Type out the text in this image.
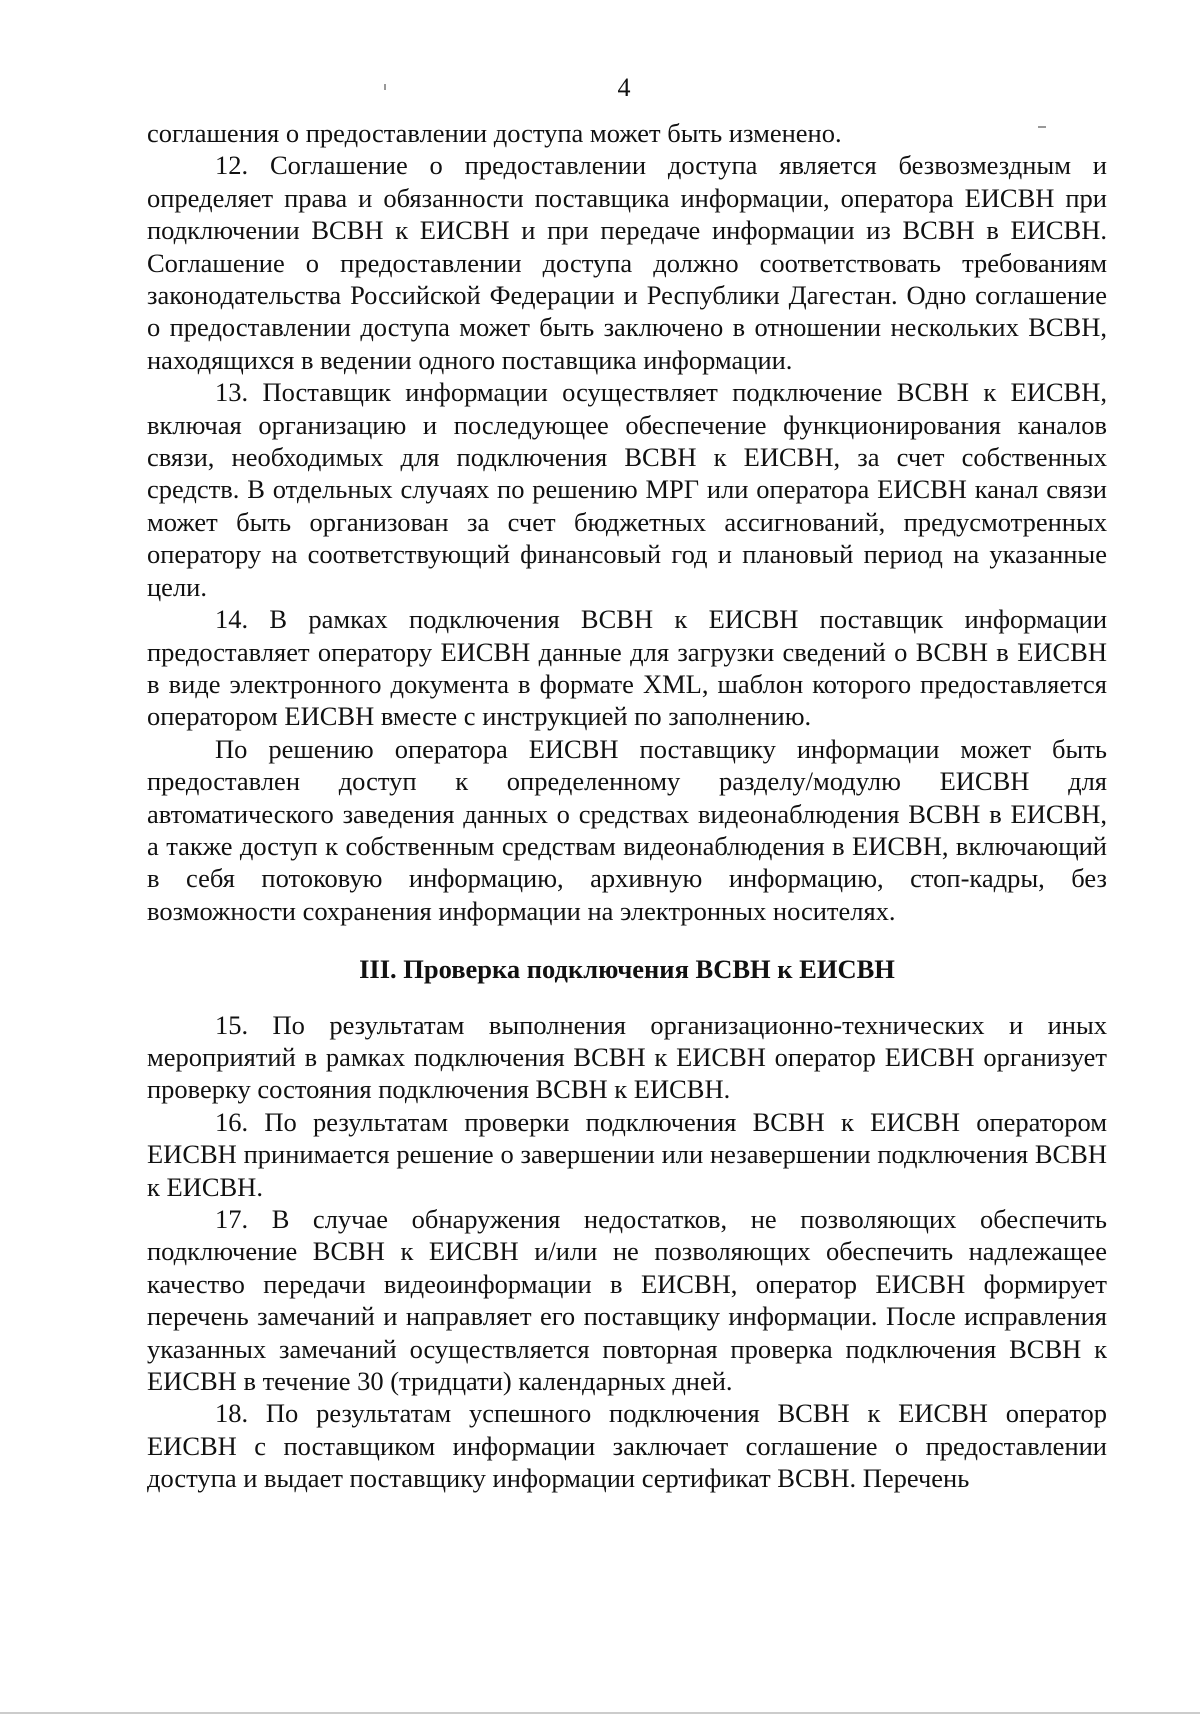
4

соглашения о предоставлении доступа может быть изменено.

12. Соглашение о предоставлении доступа является безвозмездным и определяет права и обязанности поставщика информации, оператора ЕИСВН при подключении ВСВН к ЕИСВН и при передаче информации из ВСВН в ЕИСВН. Соглашение о предоставлении доступа должно соответствовать требованиям законодательства Российской Федерации и Республики Дагестан. Одно соглашение о предоставлении доступа может быть заключено в отношении нескольких ВСВН, находящихся в ведении одного поставщика информации.

13. Поставщик информации осуществляет подключение ВСВН к ЕИСВН, включая организацию и последующее обеспечение функционирования каналов связи, необходимых для подключения ВСВН к ЕИСВН, за счет собственных средств. В отдельных случаях по решению МРГ или оператора ЕИСВН канал связи может быть организован за счет бюджетных ассигнований, предусмотренных оператору на соответствующий финансовый год и плановый период на указанные цели.

14. В рамках подключения ВСВН к ЕИСВН поставщик информации предоставляет оператору ЕИСВН данные для загрузки сведений о ВСВН в ЕИСВН в виде электронного документа в формате XML, шаблон которого предоставляется оператором ЕИСВН вместе с инструкцией по заполнению.

По решению оператора ЕИСВН поставщику информации может быть предоставлен доступ к определенному разделу/модулю ЕИСВН для автоматического заведения данных о средствах видеонаблюдения ВСВН в ЕИСВН, а также доступ к собственным средствам видеонаблюдения в ЕИСВН, включающий в себя потоковую информацию, архивную информацию, стоп-кадры, без возможности сохранения информации на электронных носителях.

III. Проверка подключения ВСВН к ЕИСВН

15. По результатам выполнения организационно-технических и иных мероприятий в рамках подключения ВСВН к ЕИСВН оператор ЕИСВН организует проверку состояния подключения ВСВН к ЕИСВН.

16. По результатам проверки подключения ВСВН к ЕИСВН оператором ЕИСВН принимается решение о завершении или незавершении подключения ВСВН к ЕИСВН.

17. В случае обнаружения недостатков, не позволяющих обеспечить подключение ВСВН к ЕИСВН и/или не позволяющих обеспечить надлежащее качество передачи видеоинформации в ЕИСВН, оператор ЕИСВН формирует перечень замечаний и направляет его поставщику информации. После исправления указанных замечаний осуществляется повторная проверка подключения ВСВН к ЕИСВН в течение 30 (тридцати) календарных дней.

18. По результатам успешного подключения ВСВН к ЕИСВН оператор ЕИСВН с поставщиком информации заключает соглашение о предоставлении доступа и выдает поставщику информации сертификат ВСВН. Перечень
